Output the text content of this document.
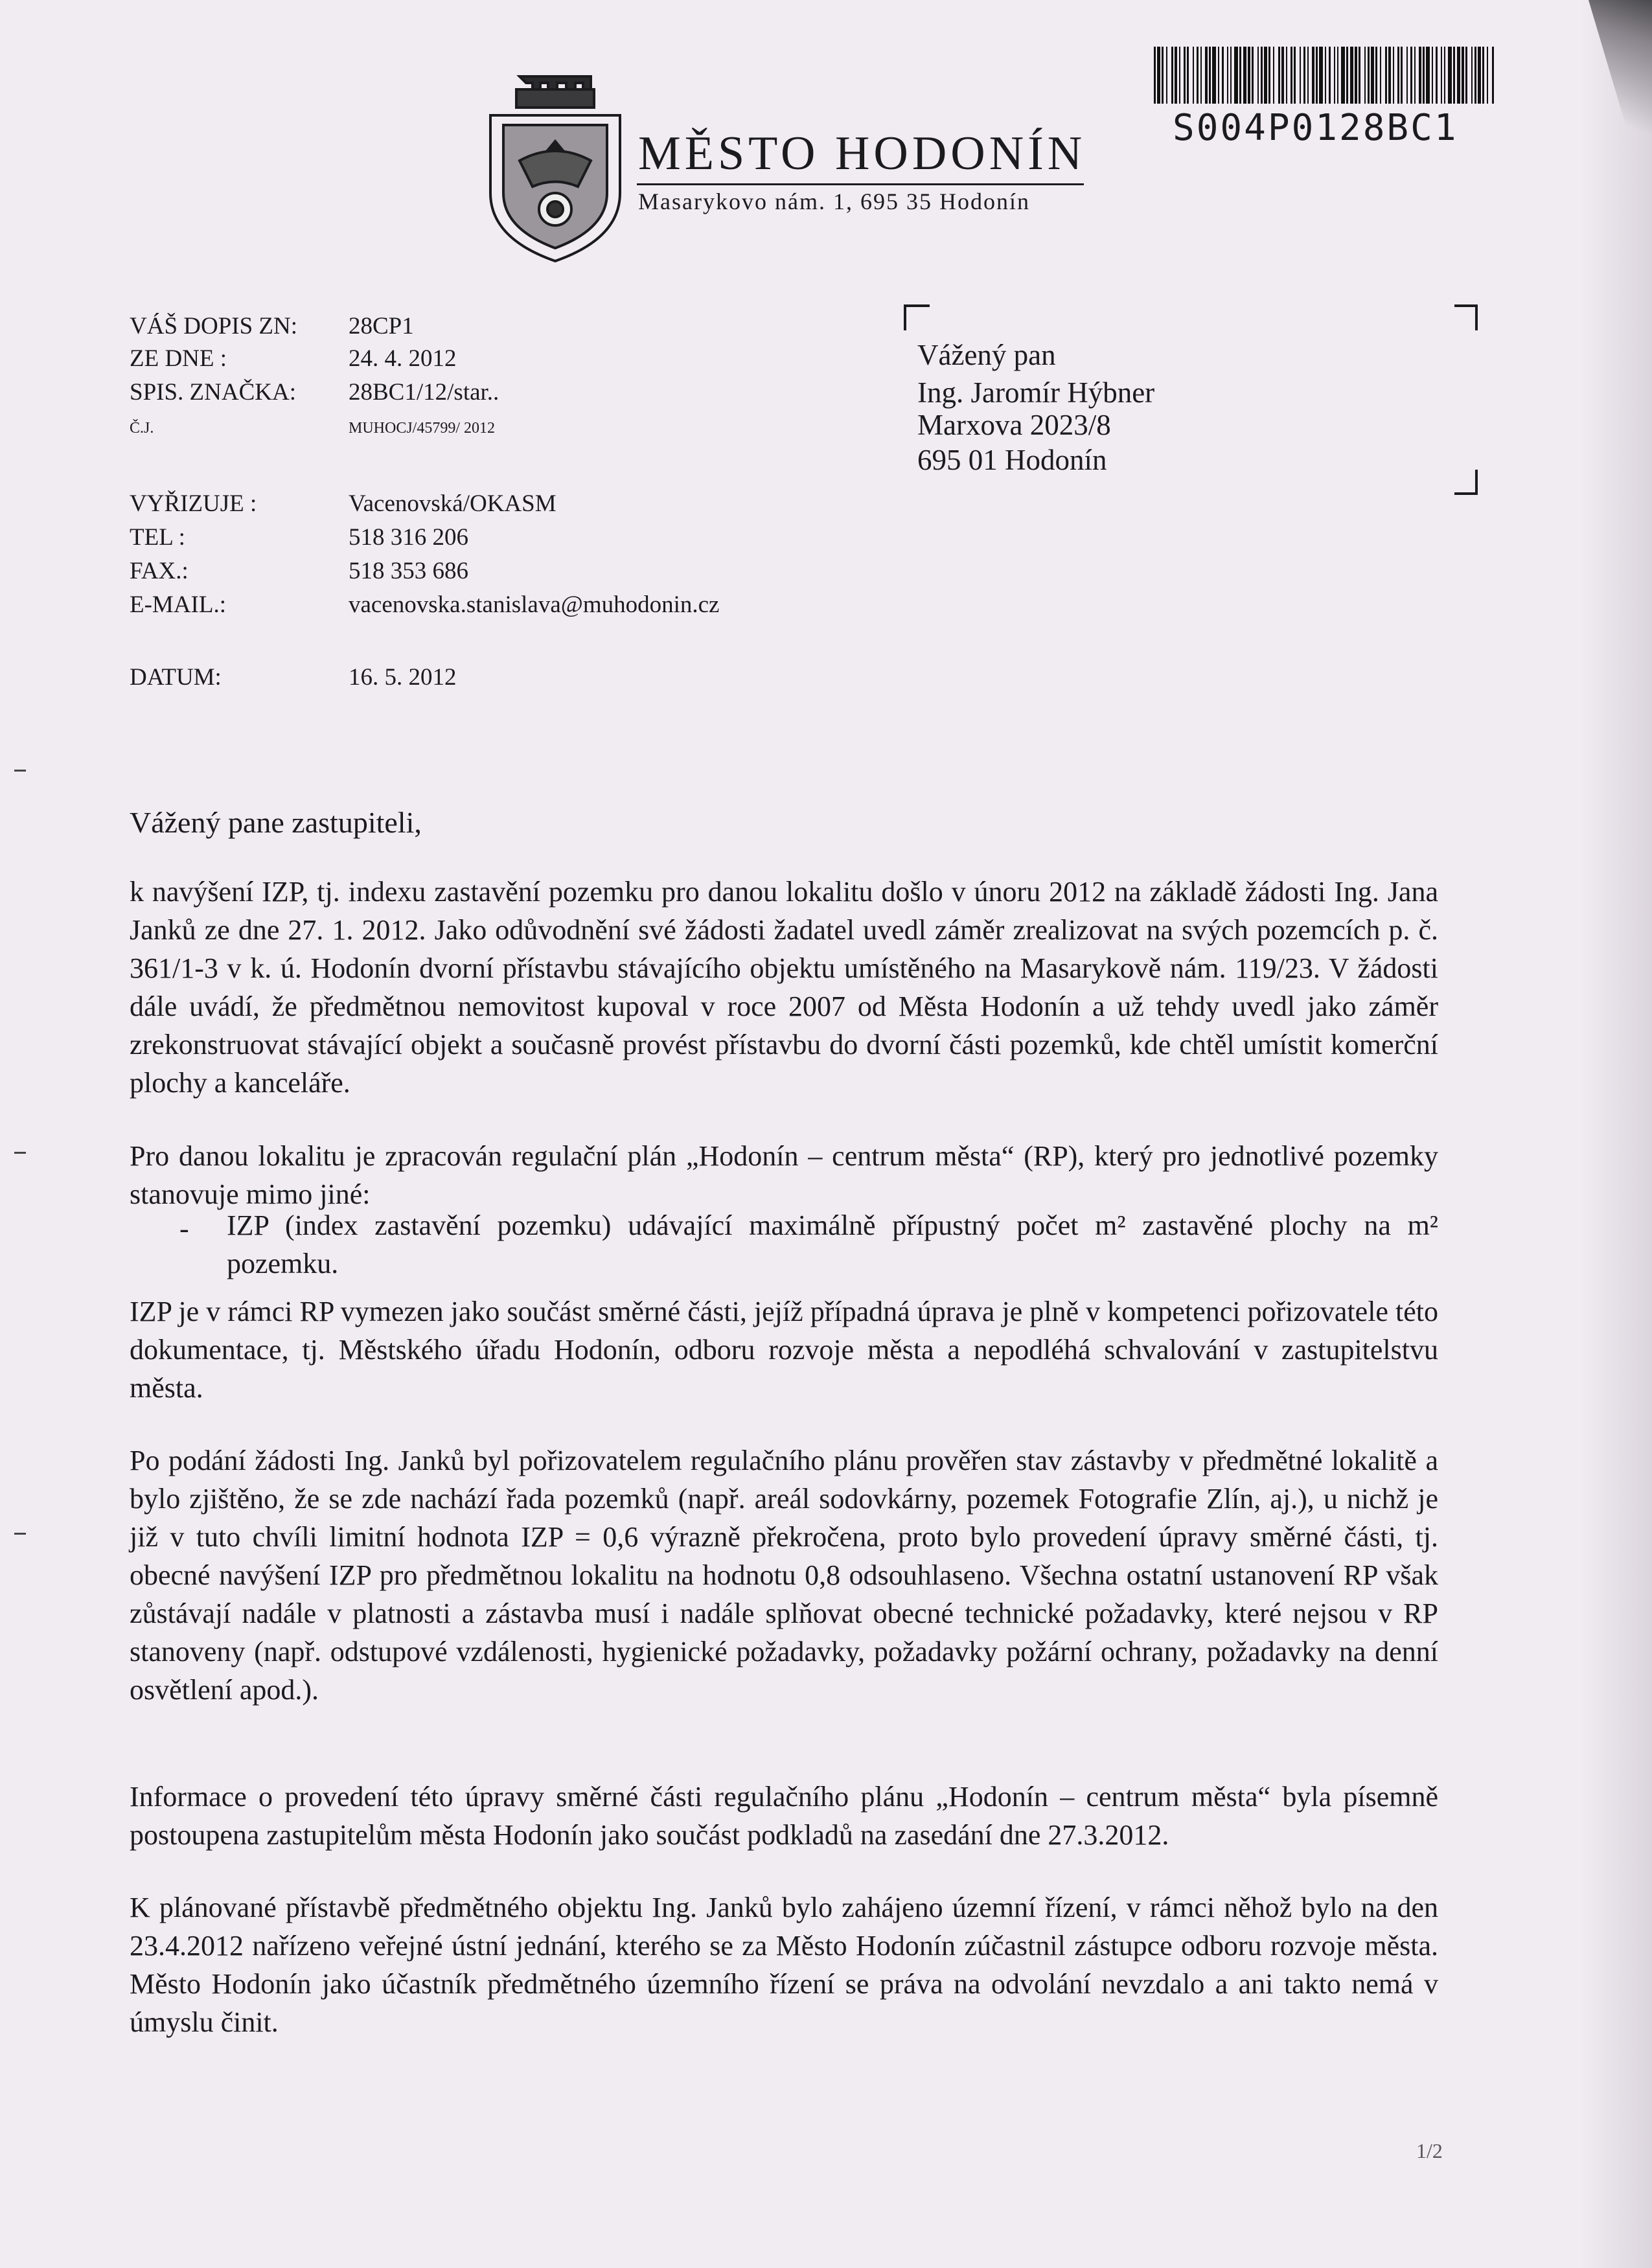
MĚSTO HODONÍN
Masarykovo nám. 1, 695 35 Hodonín
S004P0128BC1
VÁŠ DOPIS ZN: 28CP1
ZE DNE :	24. 4. 2012
SPIS. ZNAČKA: 28BC1/12/star..
Č.J.	MUHOCJ/45799/ 2012
VYŘIZUJE :	Vacenovská/OKASM
TEL :	518 316 206
FAX.:	518 353 686
E-MAIL.:	vacenovska.stanislava@muhodonin.cz
DATUM:	16. 5. 2012
Vážený pan
Ing. Jaromír Hýbner
Marxova 2023/8
695 01 Hodonín
Vážený pane zastupiteli,
k navýšení IZP, tj. indexu zastavění pozemku pro danou lokalitu došlo v únoru 2012 na základě žádosti Ing. Jana Janků ze dne 27. 1. 2012. Jako odůvodnění své žádosti žadatel uvedl záměr zrealizovat na svých pozemcích p. č. 361/1-3 v k. ú. Hodonín dvorní přístavbu stávajícího objektu umístěného na Masarykově nám. 119/23. V žádosti dále uvádí, že předmětnou nemovitost kupoval v roce 2007 od Města Hodonín a už tehdy uvedl jako záměr zrekonstruovat stávající objekt a současně provést přístavbu do dvorní části pozemků, kde chtěl umístit komerční plochy a kanceláře.
Pro danou lokalitu je zpracován regulační plán „Hodonín – centrum města“ (RP), který pro jednotlivé pozemky stanovuje mimo jiné:
- IZP (index zastavění pozemku) udávající maximálně přípustný počet m² zastavěné plochy na m² pozemku.
IZP je v rámci RP vymezen jako součást směrné části, jejíž případná úprava je plně v kompetenci pořizovatele této dokumentace, tj. Městského úřadu Hodonín, odboru rozvoje města a nepodléhá schvalování v zastupitelstvu města.
Po podání žádosti Ing. Janků byl pořizovatelem regulačního plánu prověřen stav zástavby v předmětné lokalitě a bylo zjištěno, že se zde nachází řada pozemků (např. areál sodovkárny, pozemek Fotografie Zlín, aj.), u nichž je již v tuto chvíli limitní hodnota IZP = 0,6 výrazně překročena, proto bylo provedení úpravy směrné části, tj. obecné navýšení IZP pro předmětnou lokalitu na hodnotu 0,8 odsouhlaseno. Všechna ostatní ustanovení RP však zůstávají nadále v platnosti a zástavba musí i nadále splňovat obecné technické požadavky, které nejsou v RP stanoveny (např. odstupové vzdálenosti, hygienické požadavky, požadavky požární ochrany, požadavky na denní osvětlení apod.).
Informace o provedení této úpravy směrné části regulačního plánu „Hodonín – centrum města“ byla písemně postoupena zastupitelům města Hodonín jako součást podkladů na zasedání dne 27.3.2012.
K plánované přístavbě předmětného objektu Ing. Janků bylo zahájeno územní řízení, v rámci něhož bylo na den 23.4.2012 nařízeno veřejné ústní jednání, kterého se za Město Hodonín zúčastnil zástupce odboru rozvoje města. Město Hodonín jako účastník předmětného územního řízení se práva na odvolání nevzdalo a ani takto nemá v úmyslu činit.
1/2
